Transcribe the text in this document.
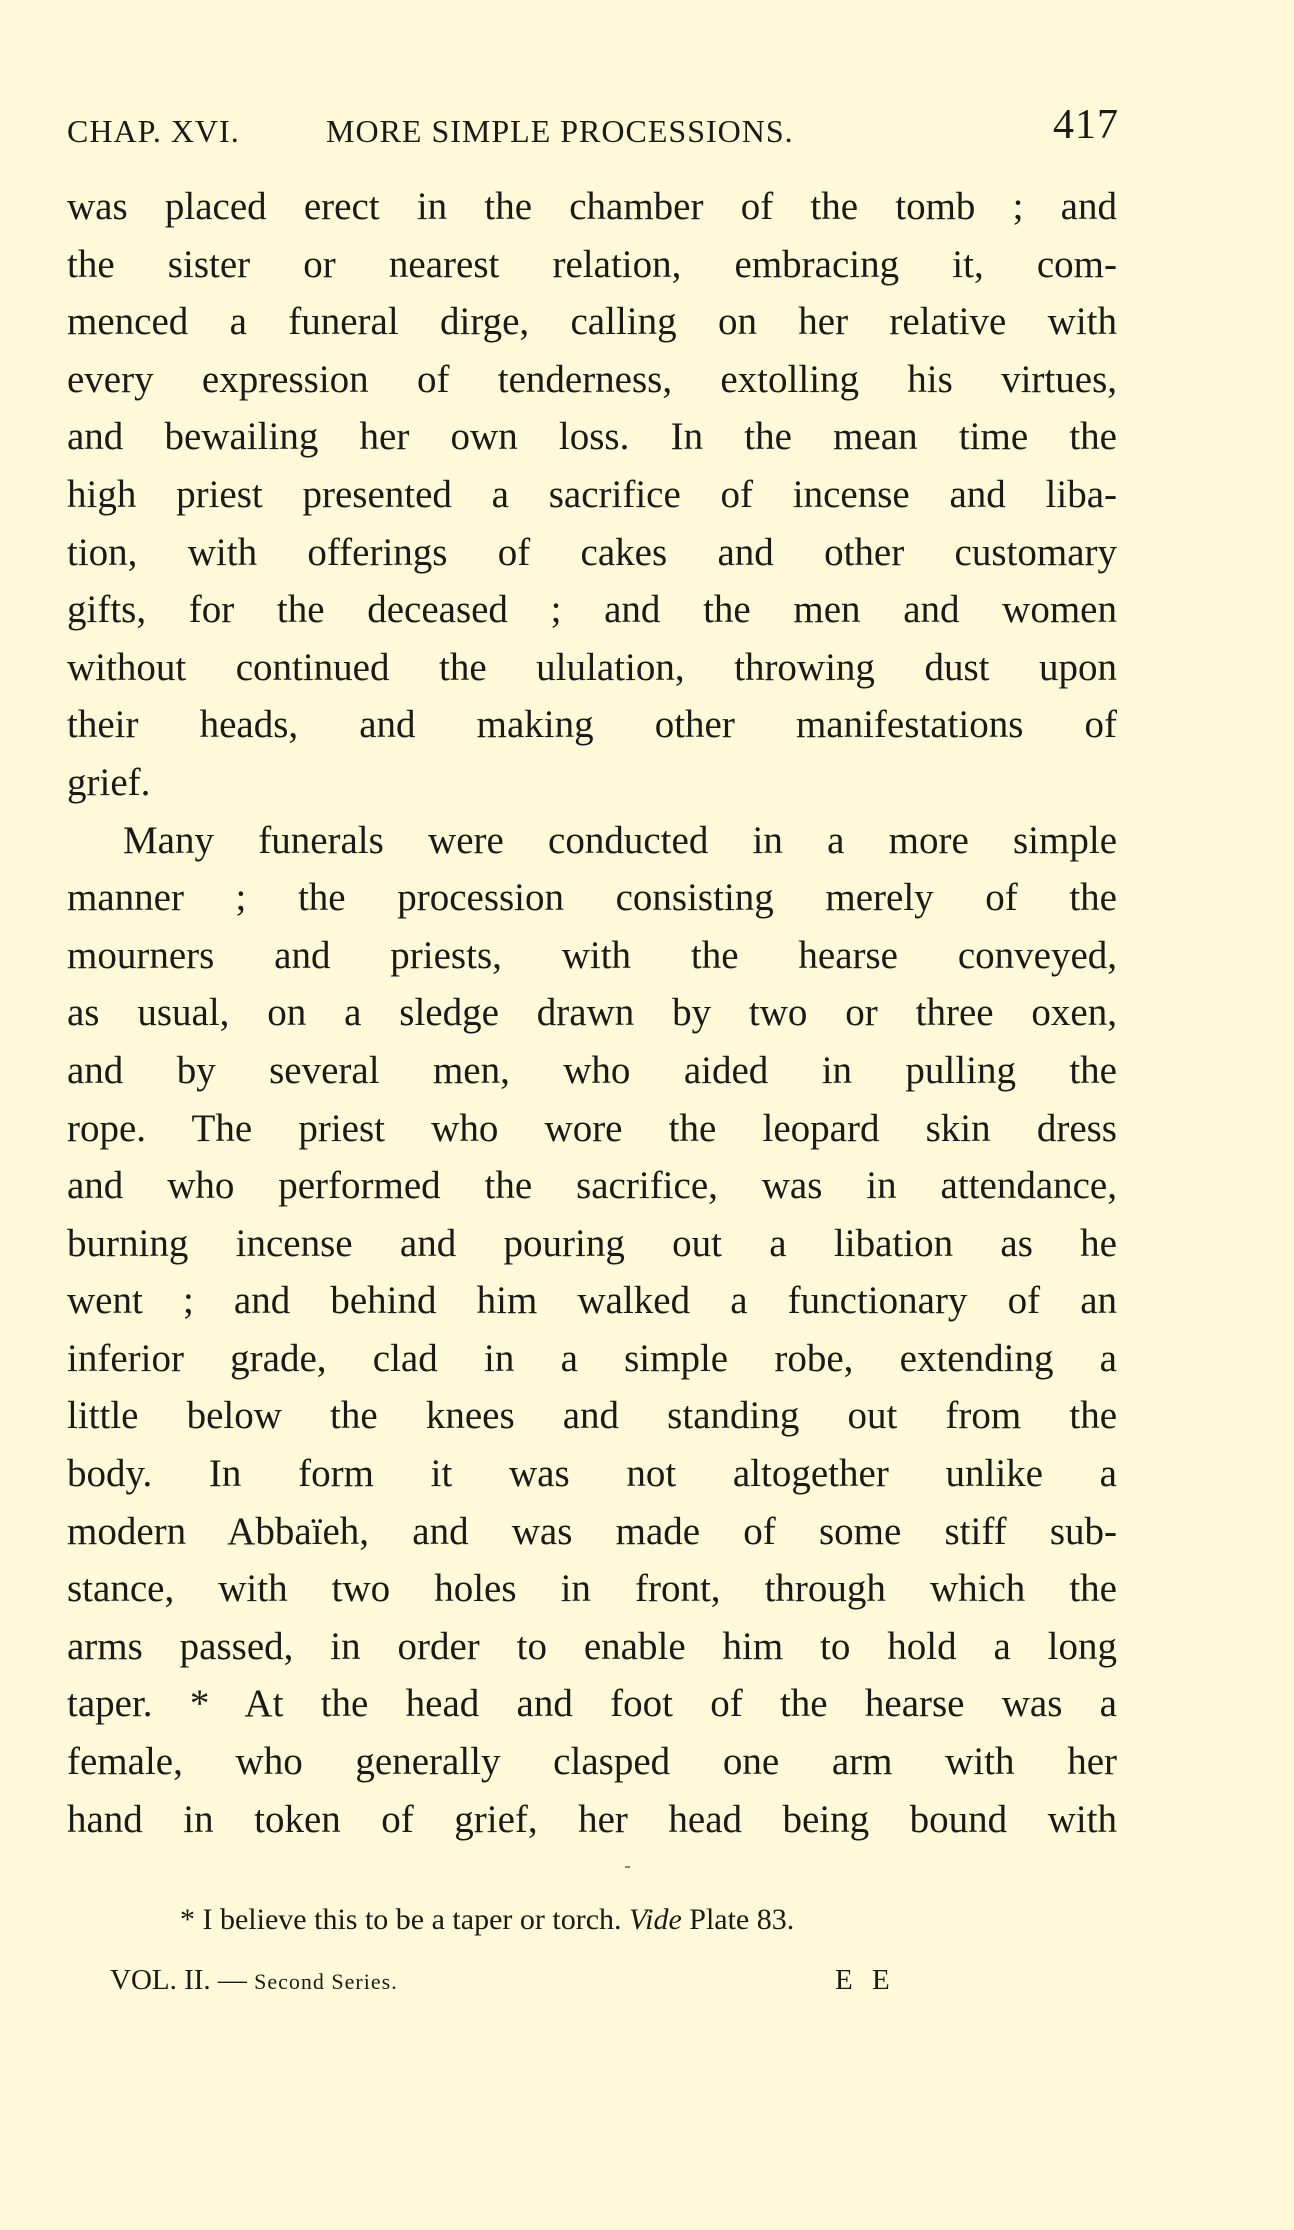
CHAP. XVI.	MORE SIMPLE PROCESSIONS.	417
was placed erect in the chamber of the tomb ; and
the sister or nearest relation, embracing it, com-
menced a funeral dirge, calling on her relative with
every expression of tenderness, extolling his virtues,
and bewailing her own loss. In the mean time the
high priest presented a sacrifice of incense and liba-
tion, with offerings of cakes and other customary
gifts, for the deceased ; and the men and women
without continued the ululation, throwing dust upon
their heads, and making other manifestations of
grief.
Many funerals were conducted in a more simple
manner ; the procession consisting merely of the
mourners and priests, with the hearse conveyed,
as usual, on a sledge drawn by two or three oxen,
and by several men, who aided in pulling the
rope. The priest who wore the leopard skin dress
and who performed the sacrifice, was in attendance,
burning incense and pouring out a libation as he
went ; and behind him walked a functionary of an
inferior grade, clad in a simple robe, extending a
little below the knees and standing out from the
body. In form it was not altogether unlike a
modern Abbaïeh, and was made of some stiff sub-
stance, with two holes in front, through which the
arms passed, in order to enable him to hold a long
taper. * At the head and foot of the hearse was a
female, who generally clasped one arm with her
hand in token of grief, her head being bound with
* I believe this to be a taper or torch. Vide Plate 83.
VOL. II. — Second Series.	E E
